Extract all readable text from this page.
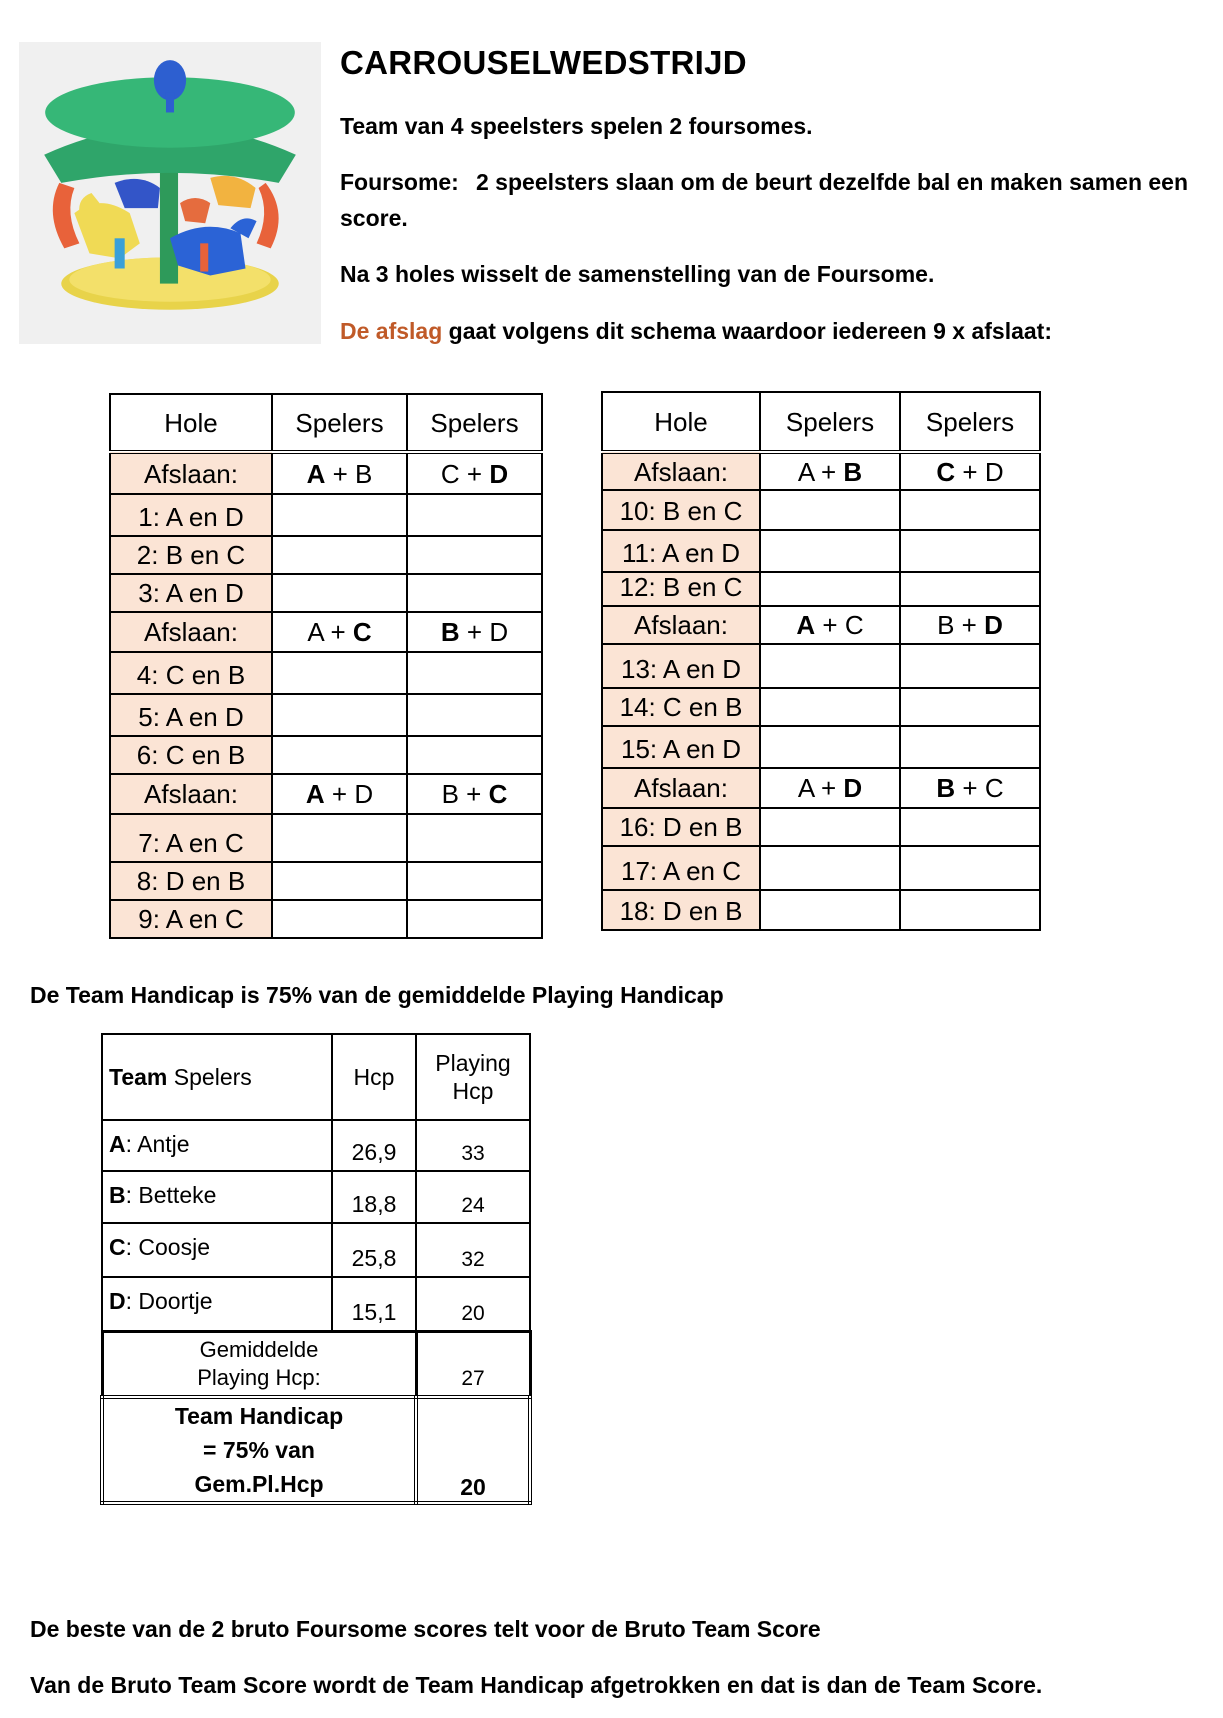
CARROUSELWEDSTRIJD
Team van 4 speelsters spelen 2 foursomes.
Foursome: 2 speelsters slaan om de beurt dezelfde bal en maken samen een score.
Na 3 holes wisselt de samenstelling van de Foursome.
De afslag gaat volgens dit schema waardoor iedereen 9 x afslaat:
Hole	Spelers	Spelers
Afslaan:	A + B	C + D
1: A en D		
2: B en C		
3: A en D		
Afslaan:	A + C	B + D
4: C en B		
5: A en D		
6: C en B		
Afslaan:	A + D	B + C
7: A en C		
8: D en B		
9: A en C		
Hole	Spelers	Spelers
Afslaan:	A + B	C + D
10: B en C		
11: A en D		
12: B en C		
Afslaan:	A + C	B + D
13: A en D		
14: C en B		
15: A en D		
Afslaan:	A + D	B + C
16: D en B		
17: A en C		
18: D en B		
De Team Handicap is 75% van de gemiddelde Playing Handicap
Team Spelers	Hcp	Playing
Hcp

A: Antje	26,9	33
B: Betteke	18,8	24
C: Coosje	25,8	32
D: Doortje	15,1	20

Gemiddelde
Playing Hcp:		27

Team Handicap
= 75% van
Gem.Pl.Hcp		20
De beste van de 2 bruto Foursome scores telt voor de Bruto Team Score
Van de Bruto Team Score wordt de Team Handicap afgetrokken en dat is dan de Team Score.
